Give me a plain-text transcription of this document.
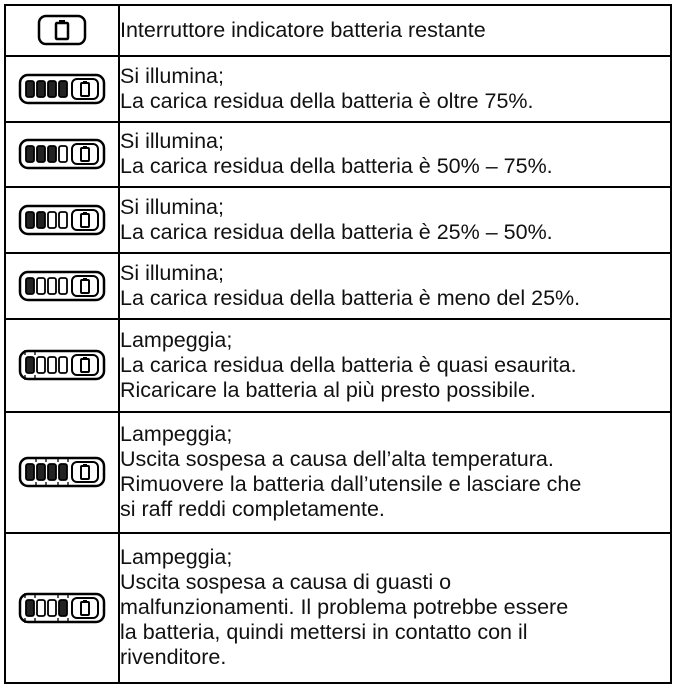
Interruttore indicatore batteria restante

Si illumina;
La carica residua della batteria è oltre 75%.

Si illumina;
La carica residua della batteria è 50% – 75%.

Si illumina;
La carica residua della batteria è 25% – 50%.

Si illumina;
La carica residua della batteria è meno del 25%.

Lampeggia;
La carica residua della batteria è quasi esaurita.
Ricaricare la batteria al più presto possibile.

Lampeggia;
Uscita sospesa a causa dell’alta temperatura.
Rimuovere la batteria dall’utensile e lasciare che
si raff reddi completamente.

Lampeggia;
Uscita sospesa a causa di guasti o
malfunzionamenti. Il problema potrebbe essere
la batteria, quindi mettersi in contatto con il
rivenditore.
